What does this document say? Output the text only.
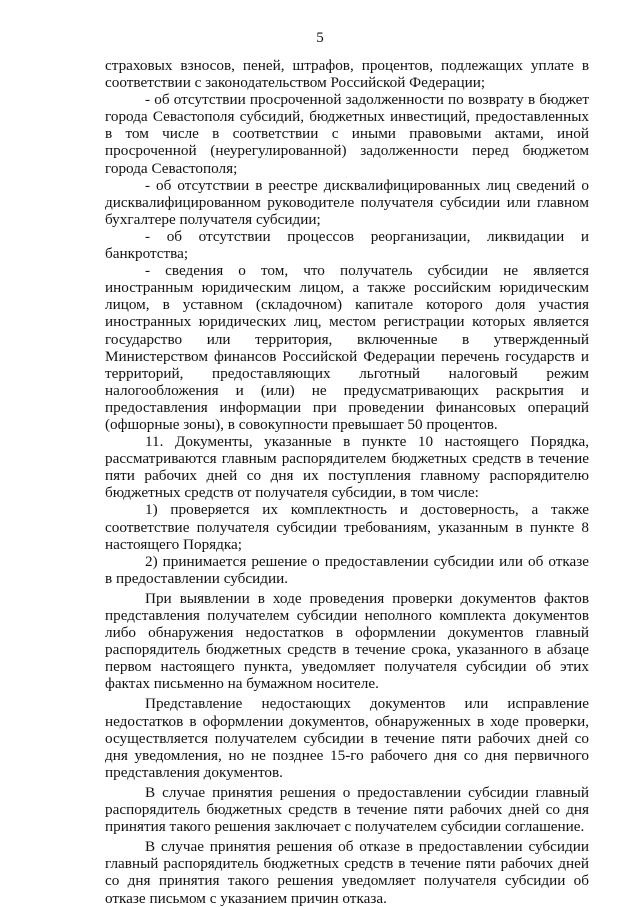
5

страховых взносов, пеней, штрафов, процентов, подлежащих уплате в соответствии с законодательством Российской Федерации;

- об отсутствии просроченной задолженности по возврату в бюджет города Севастополя субсидий, бюджетных инвестиций, предоставленных в том числе в соответствии с иными правовыми актами, иной просроченной (неурегулированной) задолженности перед бюджетом города Севастополя;

- об отсутствии в реестре дисквалифицированных лиц сведений о дисквалифицированном руководителе получателя субсидии или главном бухгалтере получателя субсидии;

- об отсутствии процессов реорганизации, ликвидации и банкротства;

- сведения о том, что получатель субсидии не является иностранным юридическим лицом, а также российским юридическим лицом, в уставном (складочном) капитале которого доля участия иностранных юридических лиц, местом регистрации которых является государство или территория, включенные в утвержденный Министерством финансов Российской Федерации перечень государств и территорий, предоставляющих льготный налоговый режим налогообложения и (или) не предусматривающих раскрытия и предоставления информации при проведении финансовых операций (офшорные зоны), в совокупности превышает 50 процентов.

11. Документы, указанные в пункте 10 настоящего Порядка, рассматриваются главным распорядителем бюджетных средств в течение пяти рабочих дней со дня их поступления главному распорядителю бюджетных средств от получателя субсидии, в том числе:

1) проверяется их комплектность и достоверность, а также соответствие получателя субсидии требованиям, указанным в пункте 8 настоящего Порядка;

2) принимается решение о предоставлении субсидии или об отказе в предоставлении субсидии.

При выявлении в ходе проведения проверки документов фактов представления получателем субсидии неполного комплекта документов либо обнаружения недостатков в оформлении документов главный распорядитель бюджетных средств в течение срока, указанного в абзаце первом настоящего пункта, уведомляет получателя субсидии об этих фактах письменно на бумажном носителе.

Представление недостающих документов или исправление недостатков в оформлении документов, обнаруженных в ходе проверки, осуществляется получателем субсидии в течение пяти рабочих дней со дня уведомления, но не позднее 15-го рабочего дня со дня первичного представления документов.

В случае принятия решения о предоставлении субсидии главный распорядитель бюджетных средств в течение пяти рабочих дней со дня принятия такого решения заключает с получателем субсидии соглашение.

В случае принятия решения об отказе в предоставлении субсидии главный распорядитель бюджетных средств в течение пяти рабочих дней со дня принятия такого решения уведомляет получателя субсидии об отказе письмом с указанием причин отказа.
